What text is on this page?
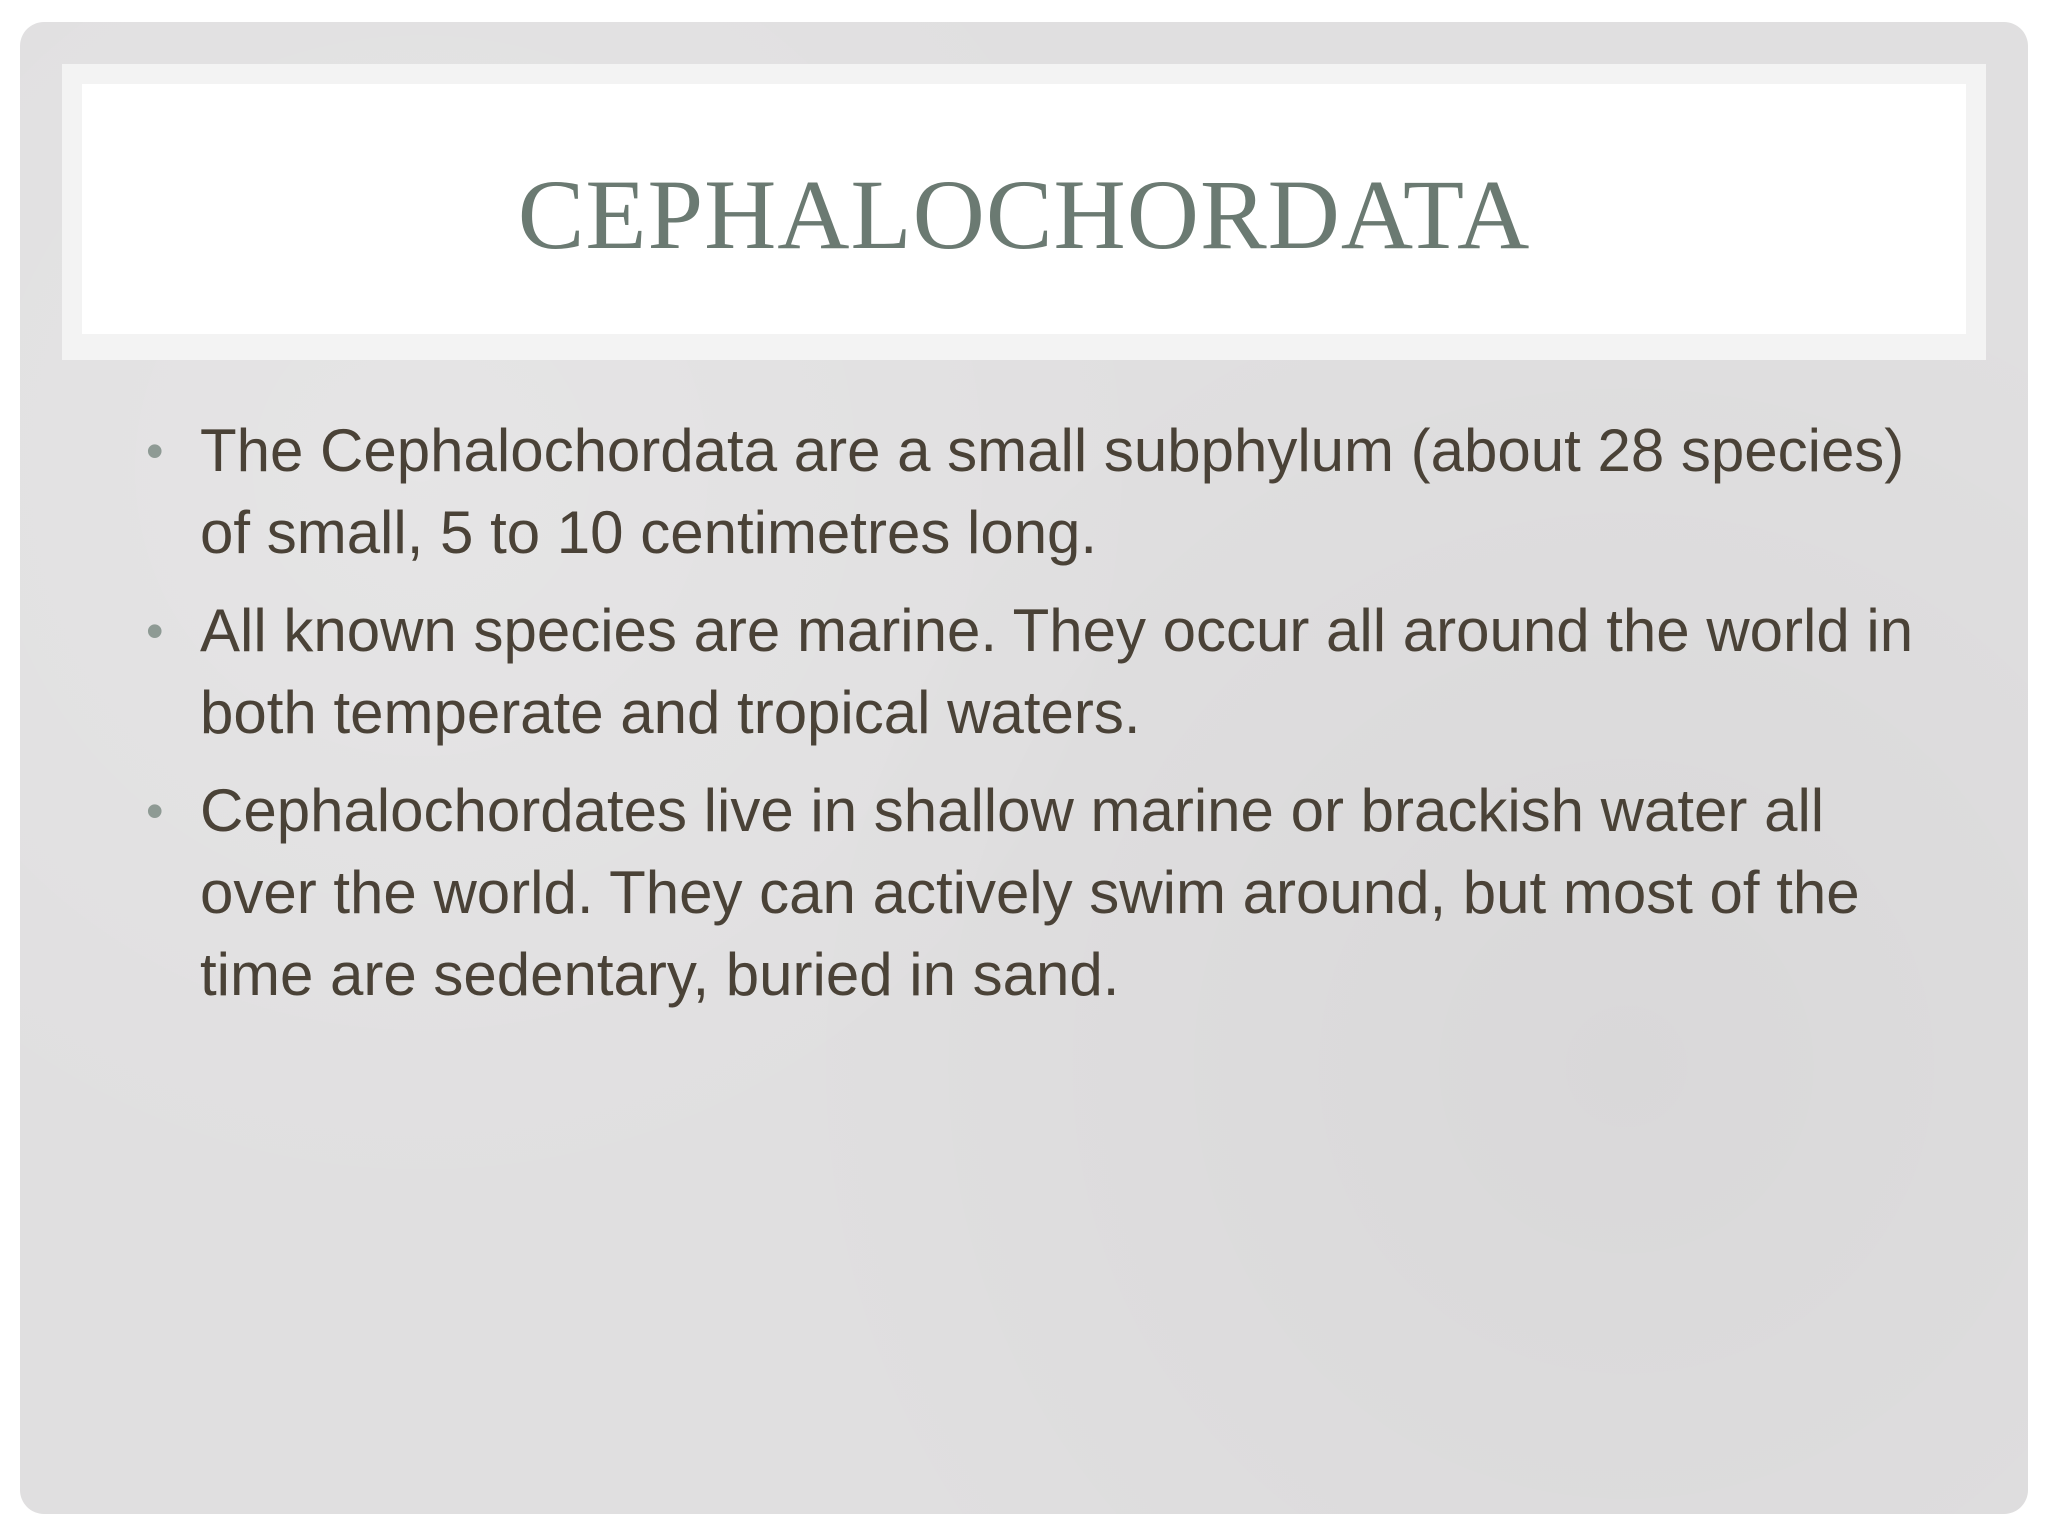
CEPHALOCHORDATA
• The Cephalochordata are a small subphylum (about 28 species) of small, 5 to 10 centimetres long.
• All known species are marine. They occur all around the world in both temperate and tropical waters.
• Cephalochordates live in shallow marine or brackish water all over the world. They can actively swim around, but most of the time are sedentary, buried in sand.
